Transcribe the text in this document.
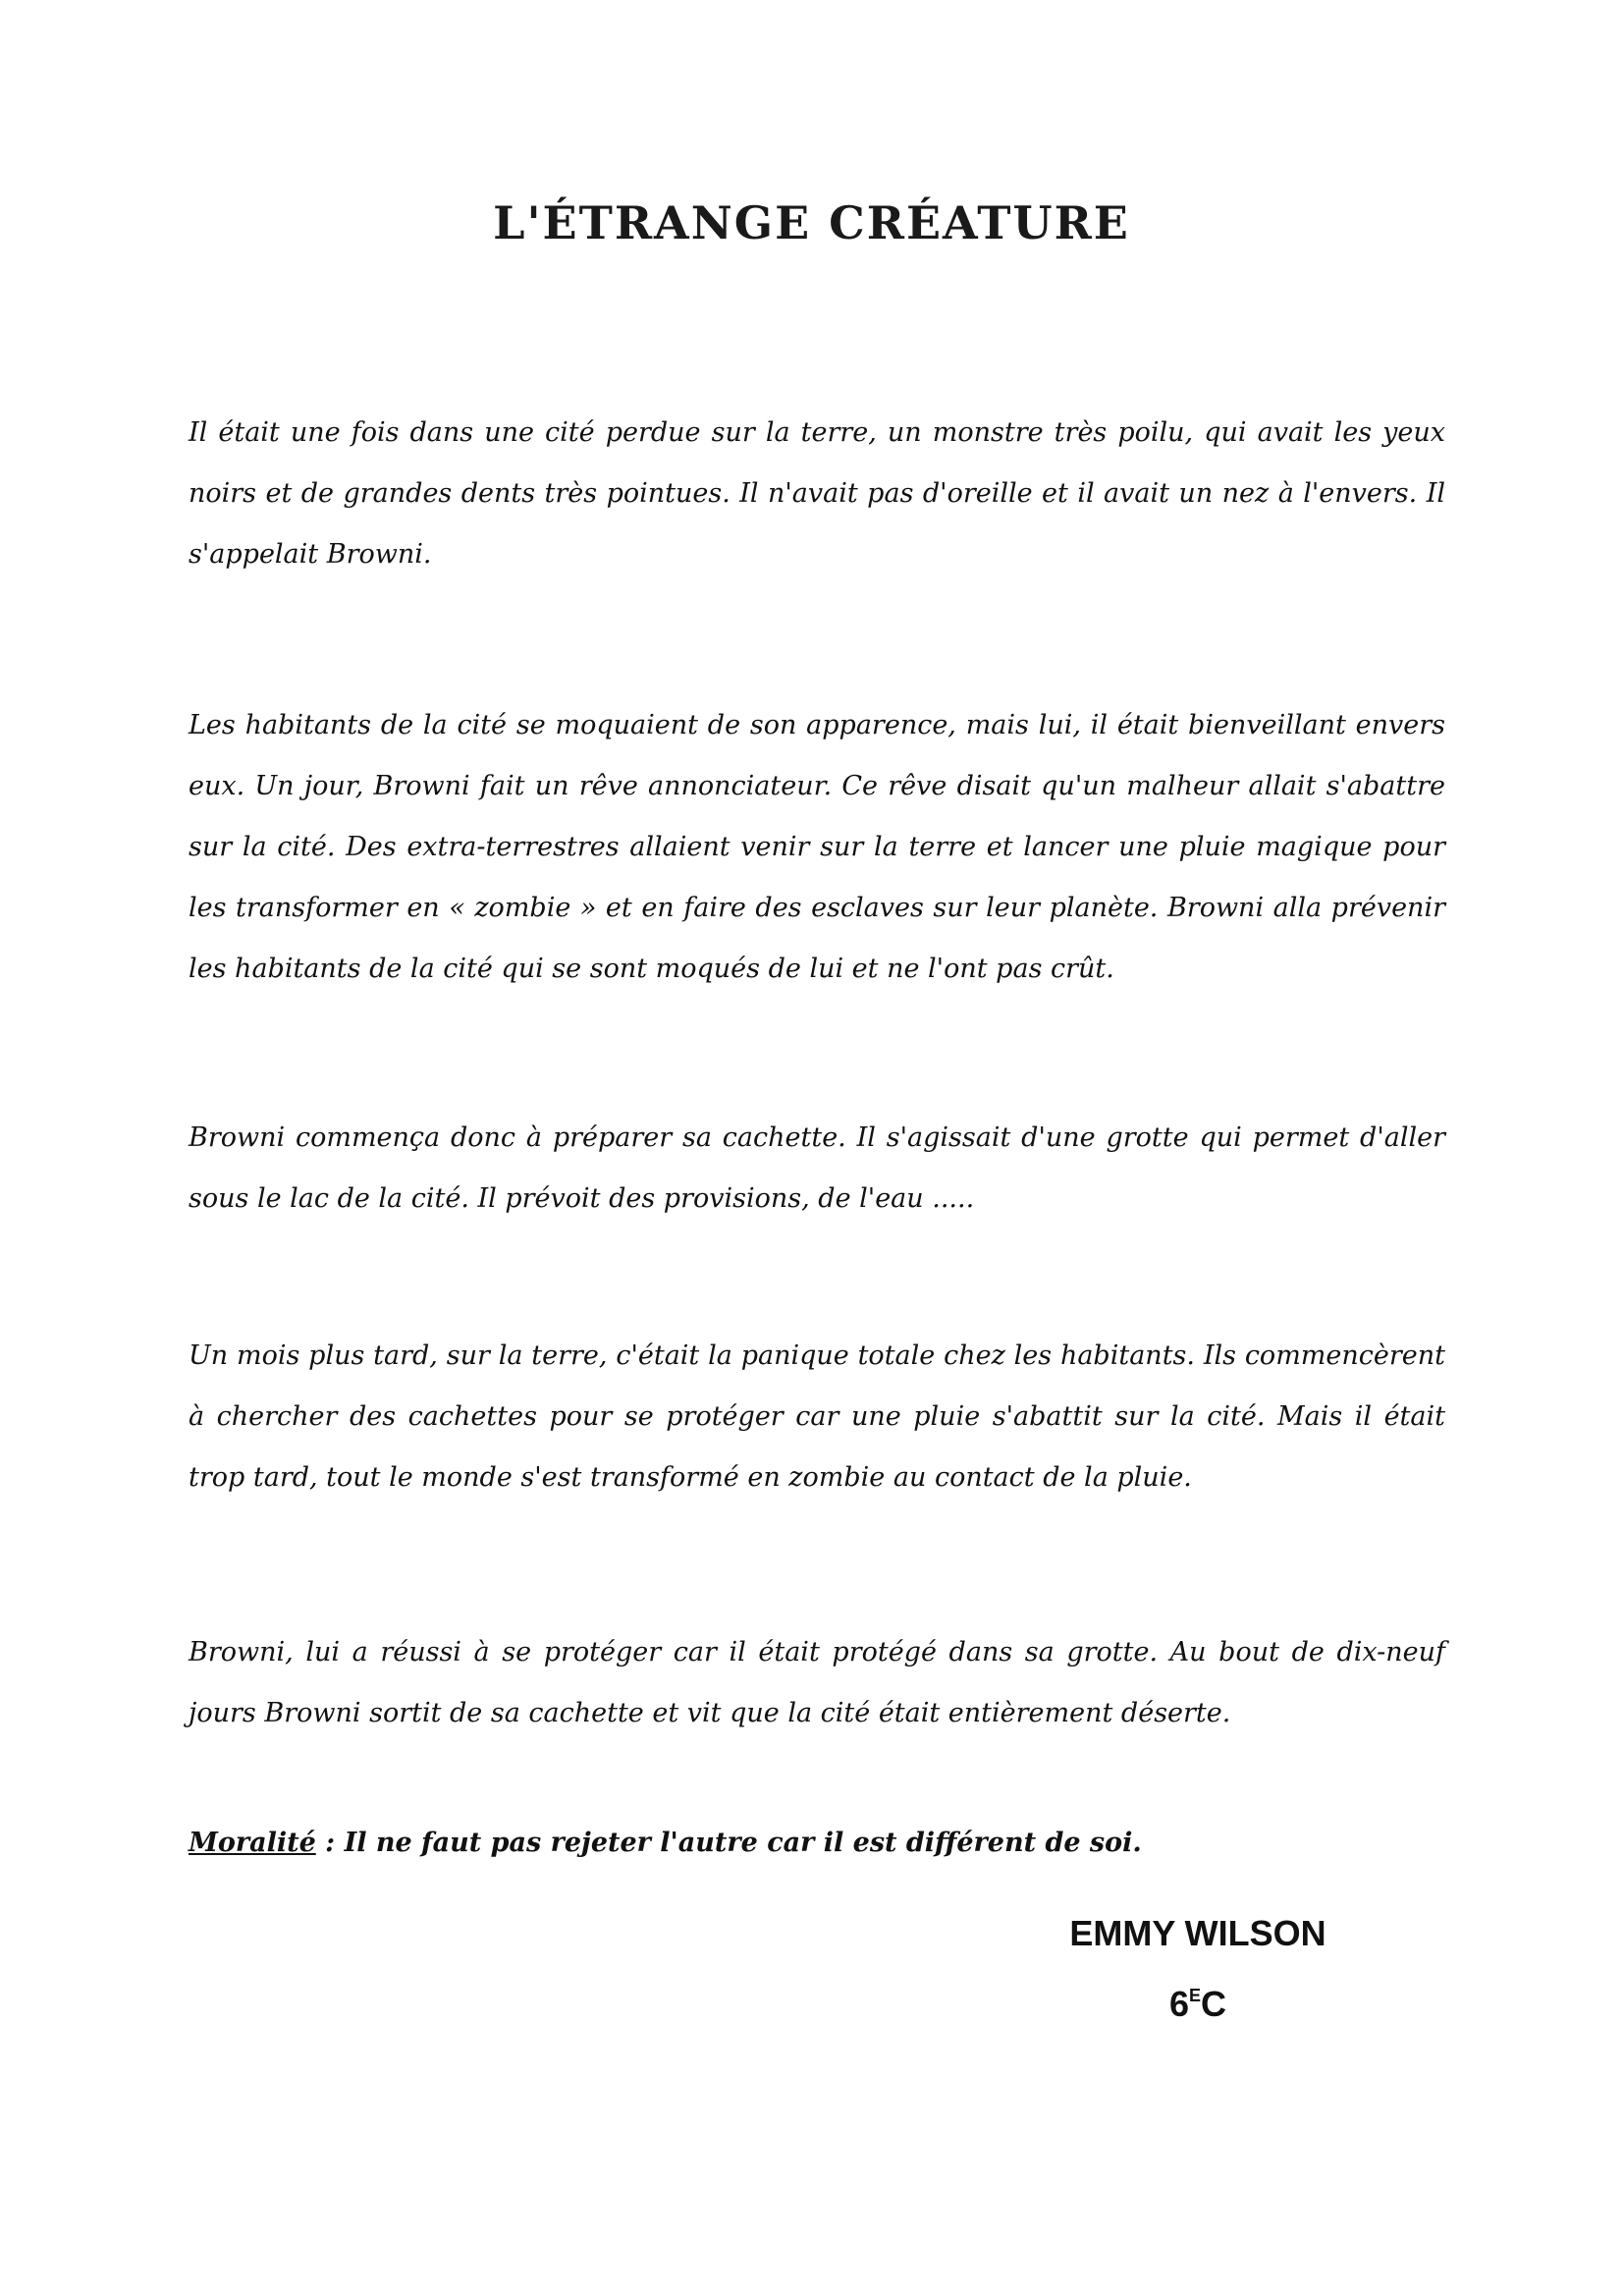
L'ÉTRANGE CRÉATURE

Il était une fois dans une cité perdue sur la terre, un monstre très poilu, qui avait les yeux noirs et de grandes dents très pointues. Il n'avait pas d'oreille et il avait un nez à l'envers. Il s'appelait Browni.

Les habitants de la cité se moquaient de son apparence, mais lui, il était bienveillant envers eux. Un jour, Browni fait un rêve annonciateur. Ce rêve disait qu'un malheur allait s'abattre sur la cité. Des extra-terrestres allaient venir sur la terre et lancer une pluie magique pour les transformer en « zombie » et en faire des esclaves sur leur planète. Browni alla prévenir les habitants de la cité qui se sont moqués de lui et ne l'ont pas crût.

Browni commença donc à préparer sa cachette. Il s'agissait d'une grotte qui permet d'aller sous le lac de la cité. Il prévoit des provisions, de l'eau .....

Un mois plus tard, sur la terre, c'était la panique totale chez les habitants. Ils commencèrent à chercher des cachettes pour se protéger car une pluie s'abattit sur la cité. Mais il était trop tard, tout le monde s'est transformé en zombie au contact de la pluie.

Browni, lui a réussi à se protéger car il était protégé dans sa grotte. Au bout de dix-neuf jours Browni sortit de sa cachette et vit que la cité était entièrement déserte.

Moralité : Il ne faut pas rejeter l'autre car il est différent de soi.
EMMY WILSON
$6^EC$
